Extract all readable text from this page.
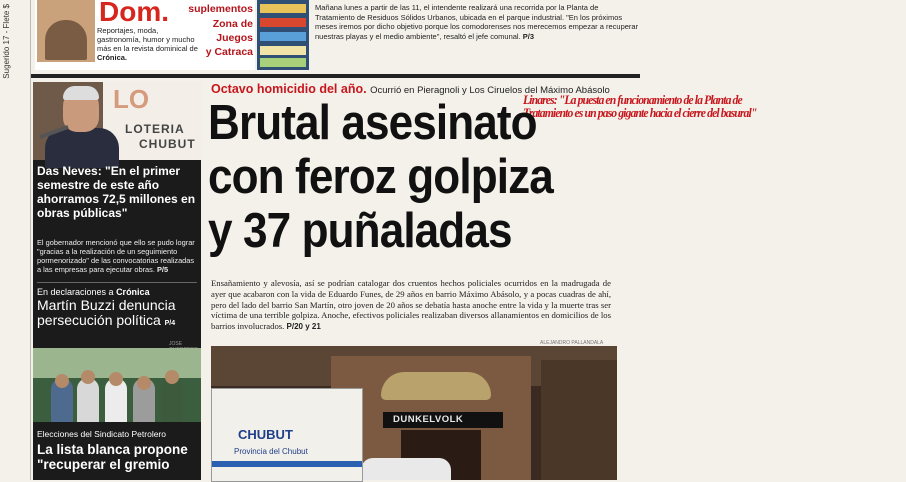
Sugerido 17 - Flete $	Dom.
Reportajes, moda, gastronomía, humor y mucho más en la revista dominical de Crónica.
suplementos
Zona de
Juegos
y Catraca
Linares: "La puesta en funcionamiento de la Planta de
Tratamiento es un paso gigante hacia el cierre del basural"
Mañana lunes a partir de las 11, el intendente realizará una recorrida por la Planta de Tratamiento de Residuos Sólidos Urbanos, ubicada en el parque industrial. "En los próximos meses iremos por dicho objetivo porque los comodorenses nos merecemos empezar a recuperar nuestras playas y el medio ambiente", resaltó el jefe comunal. P/3
LO
LOTERIA
CHUBUT
Das Neves: "En el primer semestre de este año ahorramos 72,5 millones en obras públicas"
El gobernador mencionó que ello se pudo lograr "gracias a la realización de un seguimiento pormenorizado" de las convocatorias realizadas a las empresas para ejecutar obras. P/5
En declaraciones a Crónica
Martín Buzzi denuncia persecución política P/4
JOSE
Elecciones del Sindicato Petrolero
La lista blanca propone "recuperar el gremio
Octavo homicidio del año. Ocurrió en Pieragnoli y Los Ciruelos del Máximo Abásolo
Brutal asesinato
con feroz golpiza
y 37 puñaladas
Ensañamiento y alevosía, así se podrían catalogar dos cruentos hechos policiales ocurridos en la madrugada de ayer que acabaron con la vida de Eduardo Funes, de 29 años en barrio Máximo Abásolo, y a pocas cuadras de ahí, pero del lado del barrio San Martín, otro joven de 20 años se debatía hasta anoche entre la vida y la muerte tras ser víctima de una terrible golpiza. Anoche, efectivos policiales realizaban diversos allanamientos en domicilios de los barrios involucrados. P/20 y 21
ALEJANDRO PALLANDALA
DUNKELVOLK
CHUBUT
Provincia del Chubut
